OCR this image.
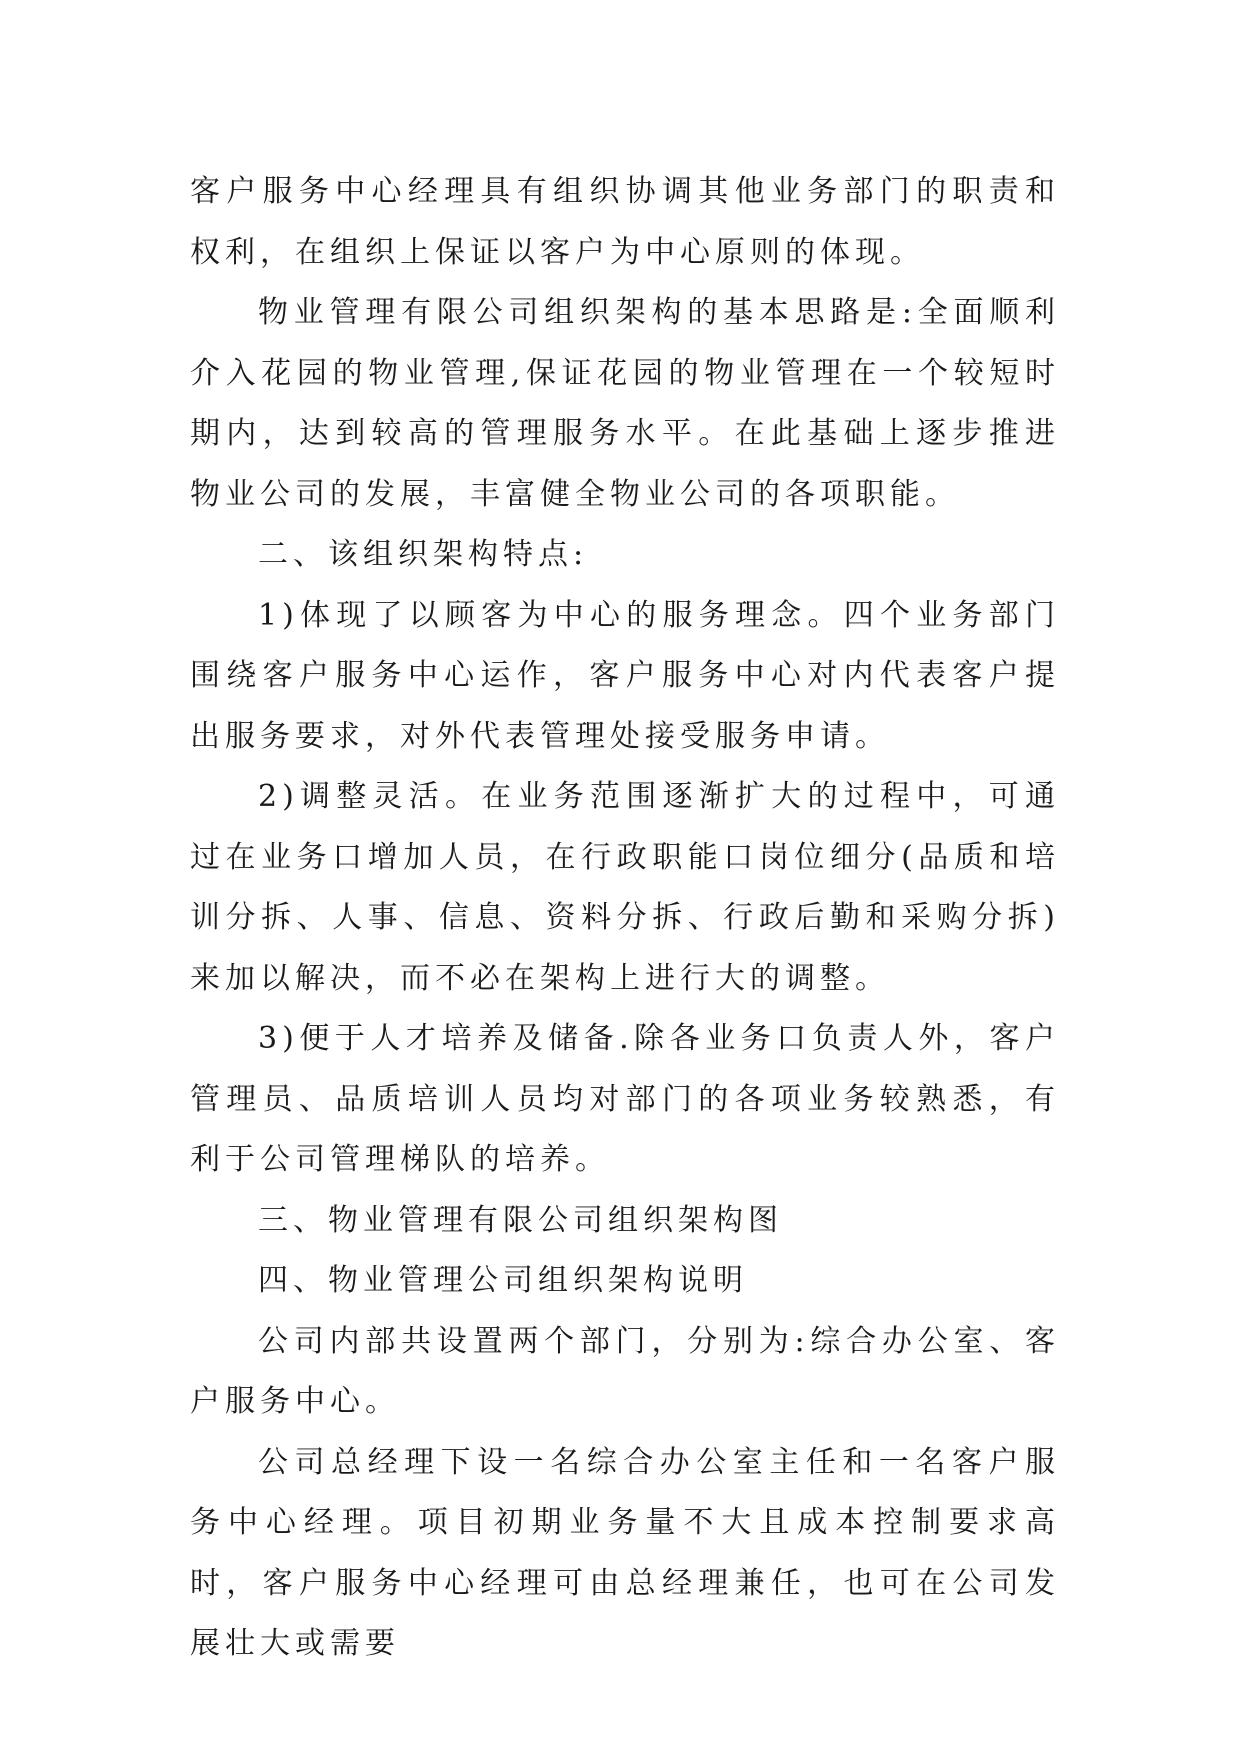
客户服务中心经理具有组织协调其他业务部门的职责和权利，在组织上保证以客户为中心原则的体现。

物业管理有限公司组织架构的基本思路是:全面顺利介入花园的物业管理,保证花园的物业管理在一个较短时期内，达到较高的管理服务水平。在此基础上逐步推进物业公司的发展，丰富健全物业公司的各项职能。

二、该组织架构特点:

1)体现了以顾客为中心的服务理念。四个业务部门围绕客户服务中心运作，客户服务中心对内代表客户提出服务要求，对外代表管理处接受服务申请。

2)调整灵活。在业务范围逐渐扩大的过程中，可通过在业务口增加人员，在行政职能口岗位细分(品质和培训分拆、人事、信息、资料分拆、行政后勤和采购分拆)来加以解决，而不必在架构上进行大的调整。

3)便于人才培养及储备.除各业务口负责人外，客户管理员、品质培训人员均对部门的各项业务较熟悉，有利于公司管理梯队的培养。

三、物业管理有限公司组织架构图

四、物业管理公司组织架构说明

公司内部共设置两个部门，分别为:综合办公室、客户服务中心。

公司总经理下设一名综合办公室主任和一名客户服务中心经理。项目初期业务量不大且成本控制要求高时，客户服务中心经理可由总经理兼任，也可在公司发展壮大或需要
